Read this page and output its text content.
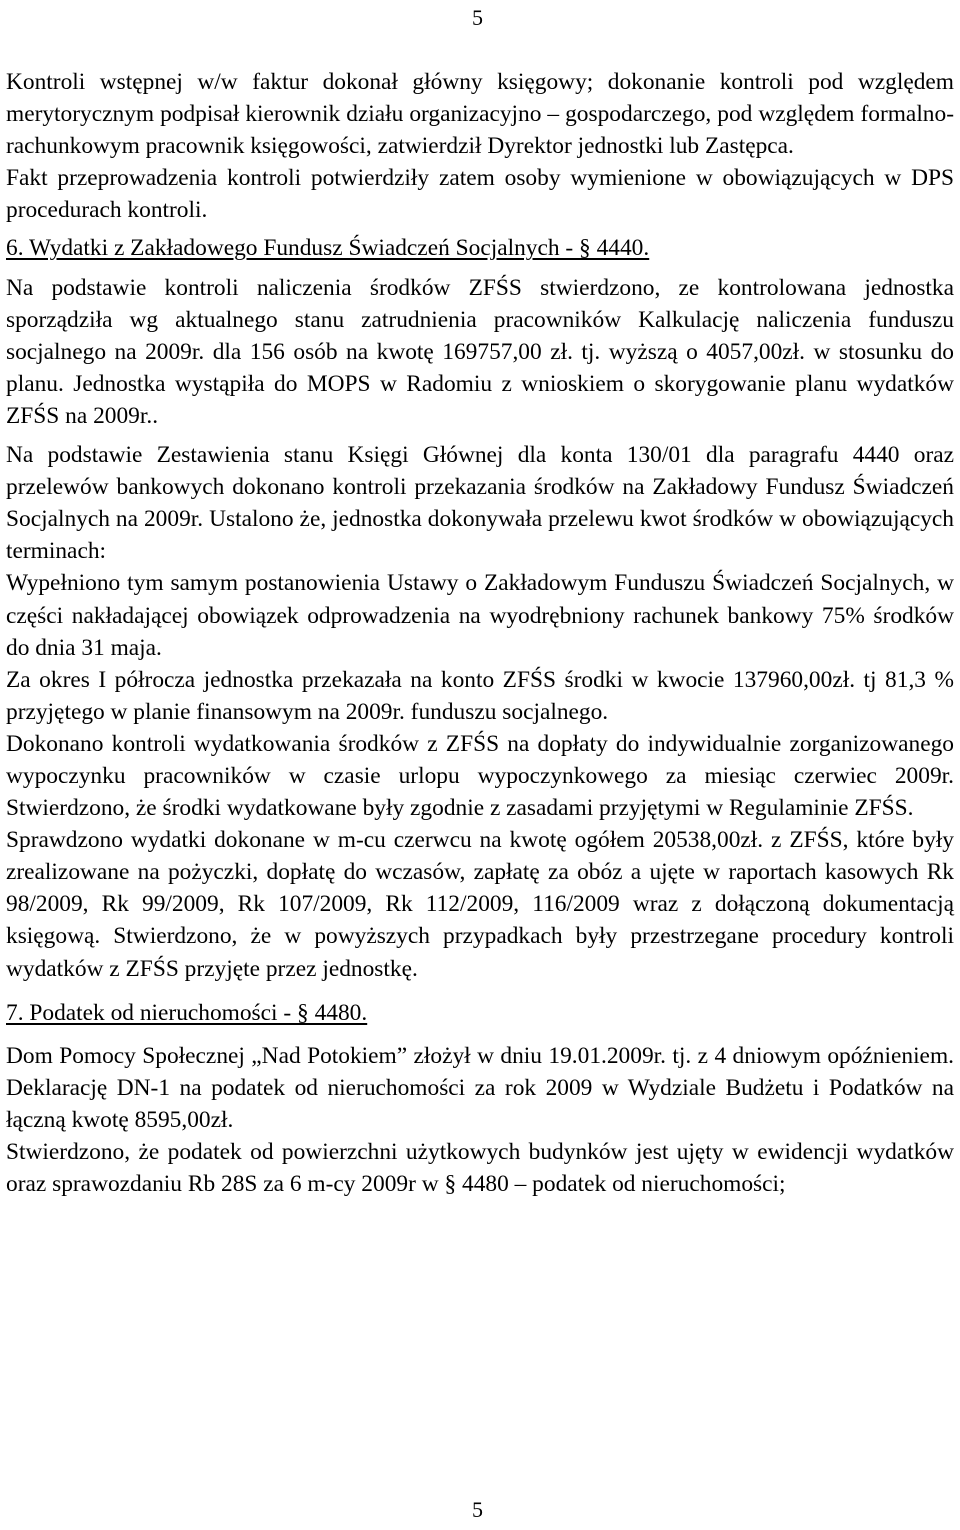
5

Kontroli wstępnej w/w faktur dokonał główny księgowy; dokonanie kontroli pod względem merytorycznym podpisał kierownik działu organizacyjno – gospodarczego, pod względem formalno- rachunkowym pracownik księgowości, zatwierdził Dyrektor jednostki lub Zastępca.

Fakt przeprowadzenia kontroli potwierdziły zatem osoby wymienione w obowiązujących w DPS procedurach kontroli.

6. Wydatki z Zakładowego Fundusz Świadczeń Socjalnych - § 4440.

Na podstawie kontroli naliczenia środków ZFŚS stwierdzono, ze kontrolowana jednostka sporządziła wg aktualnego stanu zatrudnienia pracowników Kalkulację naliczenia funduszu socjalnego na 2009r. dla 156 osób na kwotę 169757,00 zł. tj. wyższą o 4057,00zł. w stosunku do planu. Jednostka wystąpiła do MOPS w Radomiu z wnioskiem o skorygowanie planu wydatków ZFŚS na 2009r..

Na podstawie Zestawienia stanu Księgi Głównej dla konta 130/01 dla paragrafu 4440 oraz przelewów bankowych dokonano kontroli przekazania środków na Zakładowy Fundusz Świadczeń Socjalnych na 2009r. Ustalono że, jednostka dokonywała przelewu kwot środków w obowiązujących terminach:

Wypełniono tym samym postanowienia Ustawy o Zakładowym Funduszu Świadczeń Socjalnych, w części nakładającej obowiązek odprowadzenia na wyodrębniony rachunek bankowy 75% środków do dnia 31 maja.

Za okres I półrocza jednostka przekazała na konto ZFŚS środki w kwocie 137960,00zł. tj 81,3 % przyjętego w planie finansowym na 2009r. funduszu socjalnego.

Dokonano kontroli wydatkowania środków z ZFŚS na dopłaty do indywidualnie zorganizowanego wypoczynku pracowników w czasie urlopu wypoczynkowego za miesiąc czerwiec 2009r. Stwierdzono, że środki wydatkowane były zgodnie z zasadami przyjętymi w Regulaminie ZFŚS.

Sprawdzono wydatki dokonane w m-cu czerwcu na kwotę ogółem 20538,00zł. z ZFŚS, które były zrealizowane na pożyczki, dopłatę do wczasów, zapłatę za obóz a ujęte w raportach kasowych Rk 98/2009, Rk 99/2009, Rk 107/2009, Rk 112/2009, 116/2009 wraz z dołączoną dokumentacją księgową. Stwierdzono, że w powyższych przypadkach były przestrzegane procedury kontroli wydatków z ZFŚS przyjęte przez jednostkę.

7. Podatek od nieruchomości - § 4480.

Dom Pomocy Społecznej „Nad Potokiem” złożył w dniu 19.01.2009r. tj. z 4 dniowym opóźnieniem. Deklarację DN-1 na podatek od nieruchomości za rok 2009 w Wydziale Budżetu i Podatków na łączną kwotę 8595,00zł.

Stwierdzono, że podatek od powierzchni użytkowych budynków jest ujęty w ewidencji wydatków oraz sprawozdaniu Rb 28S za 6 m-cy 2009r w § 4480 – podatek od nieruchomości;

5
